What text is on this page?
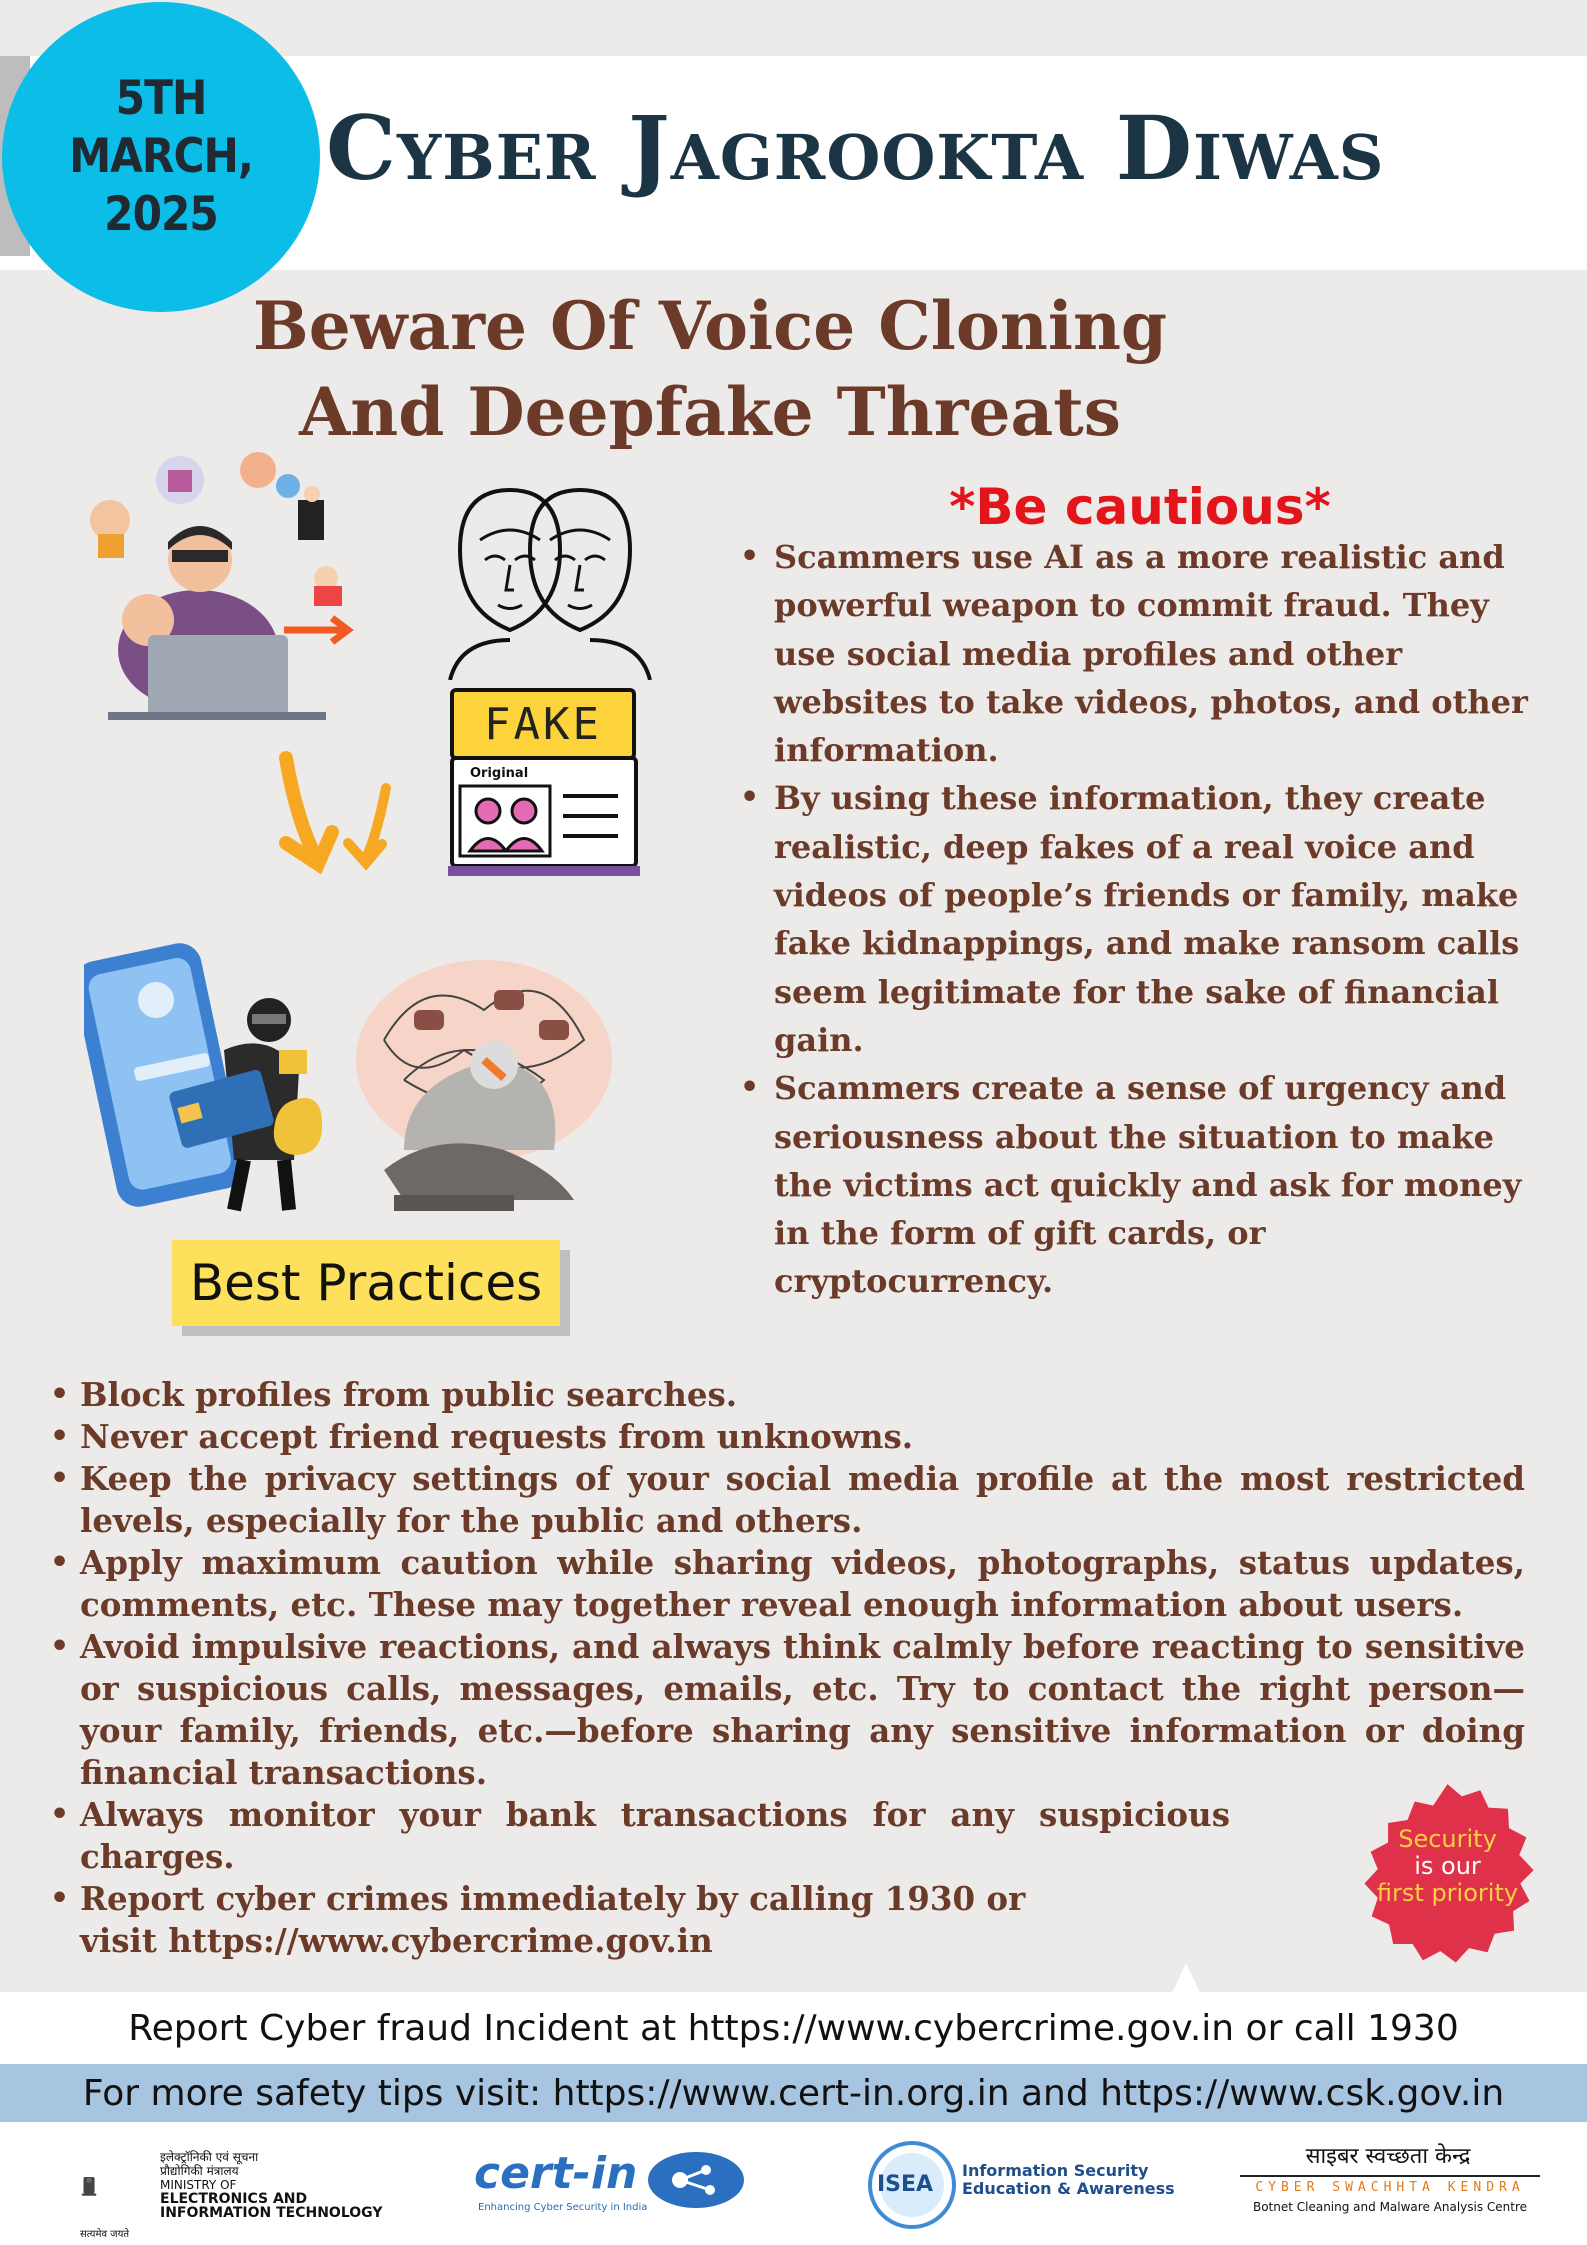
5TH MARCH, 2025
Cyber Jagrookta Diwas
Beware Of Voice Cloning And Deepfake Threats
FAKE
Original
*Be cautious*
• Scammers use AI as a more realistic and powerful weapon to commit fraud. They use social media profiles and other websites to take videos, photos, and other information.
• By using these information, they create realistic, deep fakes of a real voice and videos of people’s friends or family, make fake kidnappings, and make ransom calls seem legitimate for the sake of financial gain.
• Scammers create a sense of urgency and seriousness about the situation to make the victims act quickly and ask for money in the form of gift cards, or cryptocurrency.
Best Practices
• Block profiles from public searches.
• Never accept friend requests from unknowns.
• Keep the privacy settings of your social media profile at the most restricted levels, especially for the public and others.
• Apply maximum caution while sharing videos, photographs, status updates, comments, etc. These may together reveal enough information about users.
• Avoid impulsive reactions, and always think calmly before reacting to sensitive or suspicious calls, messages, emails, etc. Try to contact the right person—your family, friends, etc.—before sharing any sensitive information or doing financial transactions.
• Always monitor your bank transactions for any suspicious charges.
• Report cyber crimes immediately by calling 1930 or visit https://www.cybercrime.gov.in
Security
is our
first priority
Report Cyber fraud Incident at https://www.cybercrime.gov.in or call 1930
For more safety tips visit: https://www.cert-in.org.in and https://www.csk.gov.in
सत्यमेव जयते
इलेक्ट्रॉनिकी एवं सूचना प्रौद्योगिकी मंत्रालय
MINISTRY OF
ELECTRONICS AND
INFORMATION TECHNOLOGY
cert-in
Enhancing Cyber Security in India
ISEA
Information Security
Education & Awareness
साइबर स्वच्छता केन्द्र
CYBER SWACHHTA KENDRA
Botnet Cleaning and Malware Analysis Centre
